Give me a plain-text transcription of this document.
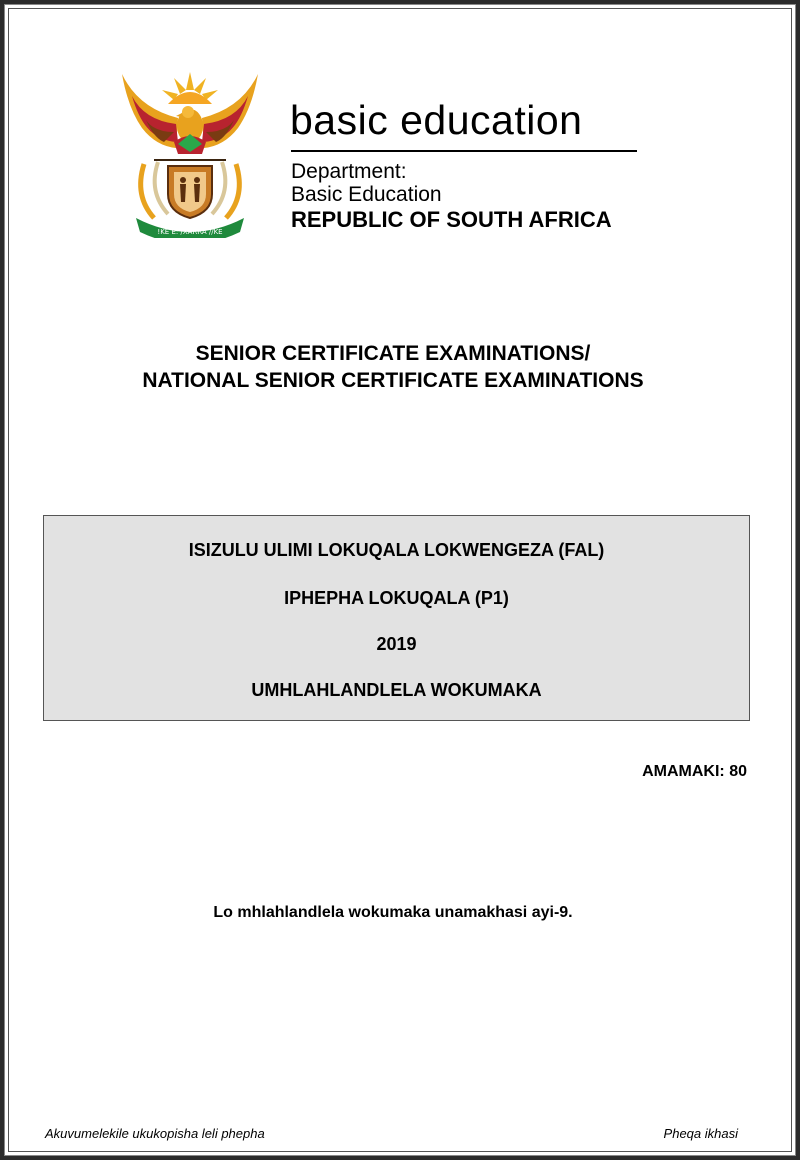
!KE E: /XARRA //KE
basic education
Department:
Basic Education
REPUBLIC OF SOUTH AFRICA
SENIOR CERTIFICATE EXAMINATIONS/
NATIONAL SENIOR CERTIFICATE EXAMINATIONS
ISIZULU ULIMI LOKUQALA LOKWENGEZA (FAL)
IPHEPHA LOKUQALA (P1)
2019
UMHLAHLANDLELA WOKUMAKA
AMAMAKI: 80
Lo mhlahlandlela wokumaka unamakhasi ayi-9.
Akuvumelekile ukukopisha leli phepha	Pheqa ikhasi
